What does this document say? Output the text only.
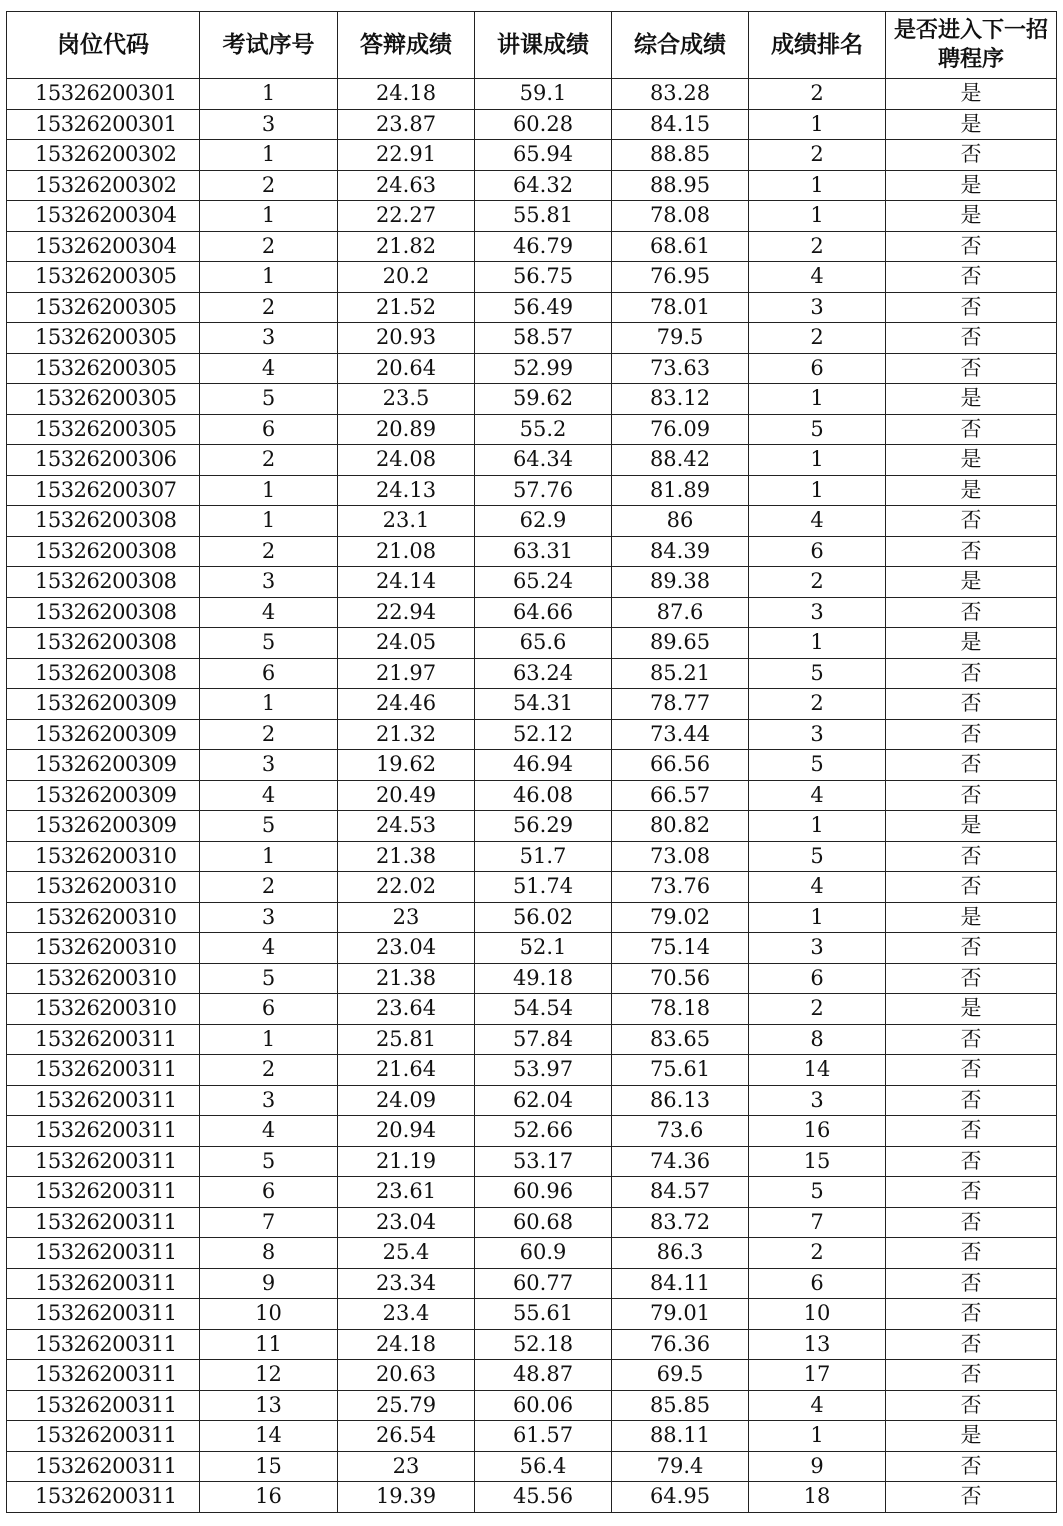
岗位代码	考试序号	答辩成绩	讲课成绩	综合成绩	成绩排名	是否进入下一招聘程序
15326200301	1	24.18	59.1	83.28	2	是
15326200301	3	23.87	60.28	84.15	1	是
15326200302	1	22.91	65.94	88.85	2	否
15326200302	2	24.63	64.32	88.95	1	是
15326200304	1	22.27	55.81	78.08	1	是
15326200304	2	21.82	46.79	68.61	2	否
15326200305	1	20.2	56.75	76.95	4	否
15326200305	2	21.52	56.49	78.01	3	否
15326200305	3	20.93	58.57	79.5	2	否
15326200305	4	20.64	52.99	73.63	6	否
15326200305	5	23.5	59.62	83.12	1	是
15326200305	6	20.89	55.2	76.09	5	否
15326200306	2	24.08	64.34	88.42	1	是
15326200307	1	24.13	57.76	81.89	1	是
15326200308	1	23.1	62.9	86	4	否
15326200308	2	21.08	63.31	84.39	6	否
15326200308	3	24.14	65.24	89.38	2	是
15326200308	4	22.94	64.66	87.6	3	否
15326200308	5	24.05	65.6	89.65	1	是
15326200308	6	21.97	63.24	85.21	5	否
15326200309	1	24.46	54.31	78.77	2	否
15326200309	2	21.32	52.12	73.44	3	否
15326200309	3	19.62	46.94	66.56	5	否
15326200309	4	20.49	46.08	66.57	4	否
15326200309	5	24.53	56.29	80.82	1	是
15326200310	1	21.38	51.7	73.08	5	否
15326200310	2	22.02	51.74	73.76	4	否
15326200310	3	23	56.02	79.02	1	是
15326200310	4	23.04	52.1	75.14	3	否
15326200310	5	21.38	49.18	70.56	6	否
15326200310	6	23.64	54.54	78.18	2	是
15326200311	1	25.81	57.84	83.65	8	否
15326200311	2	21.64	53.97	75.61	14	否
15326200311	3	24.09	62.04	86.13	3	否
15326200311	4	20.94	52.66	73.6	16	否
15326200311	5	21.19	53.17	74.36	15	否
15326200311	6	23.61	60.96	84.57	5	否
15326200311	7	23.04	60.68	83.72	7	否
15326200311	8	25.4	60.9	86.3	2	否
15326200311	9	23.34	60.77	84.11	6	否
15326200311	10	23.4	55.61	79.01	10	否
15326200311	11	24.18	52.18	76.36	13	否
15326200311	12	20.63	48.87	69.5	17	否
15326200311	13	25.79	60.06	85.85	4	否
15326200311	14	26.54	61.57	88.11	1	是
15326200311	15	23	56.4	79.4	9	否
15326200311	16	19.39	45.56	64.95	18	否
